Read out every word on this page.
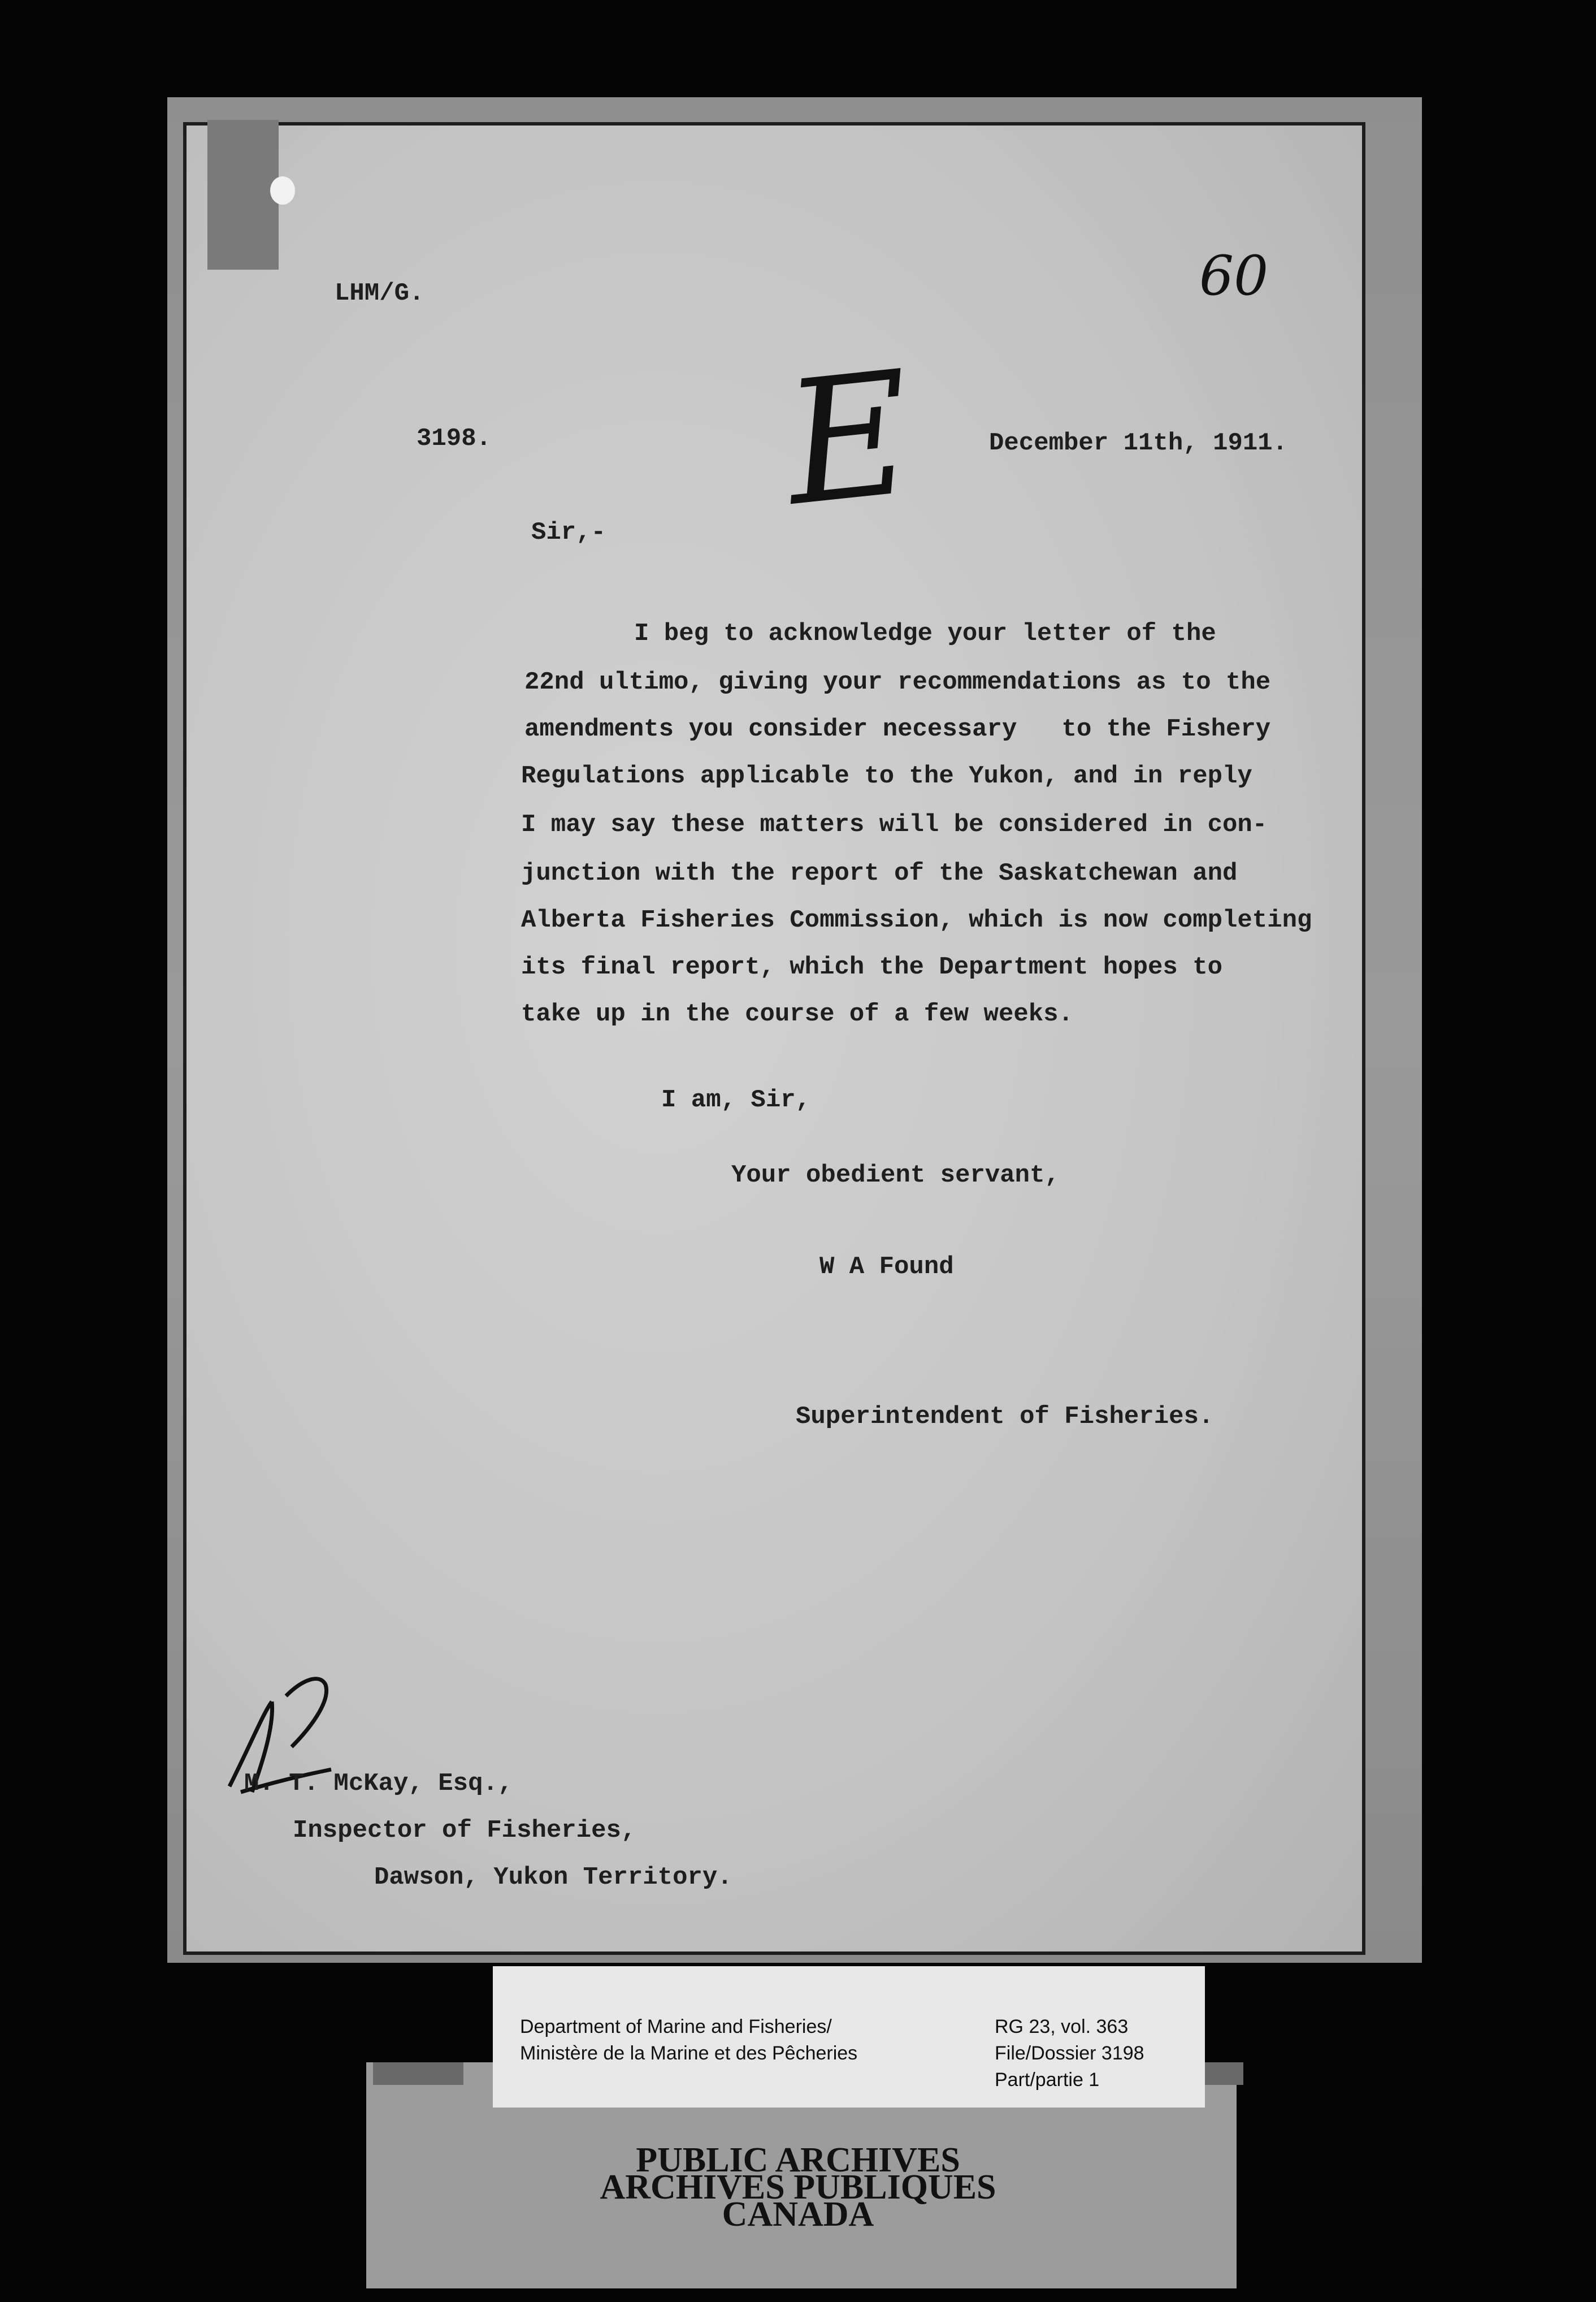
LHM/G.	60
3198. E	December 11th, 1911.
Sir,-
I beg to acknowledge your letter of the
22nd ultimo, giving your recommendations as to the
amendments you consider necessary   to the Fishery
Regulations applicable to the Yukon, and in reply
I may say these matters will be considered in con-
junction with the report of the Saskatchewan and
Alberta Fisheries Commission, which is now completing
its final report, which the Department hopes to
take up in the course of a few weeks.
I am, Sir,
Your obedient servant,
W A Found
Superintendent of Fisheries.
M. T. McKay, Esq.,
Inspector of Fisheries,
Dawson, Yukon Territory.
Department of Marine and Fisheries/
Ministère de la Marine et des Pêcheries
RG 23, vol. 363
File/Dossier 3198
Part/partie 1
PUBLIC ARCHIVES
ARCHIVES PUBLIQUES
CANADA
